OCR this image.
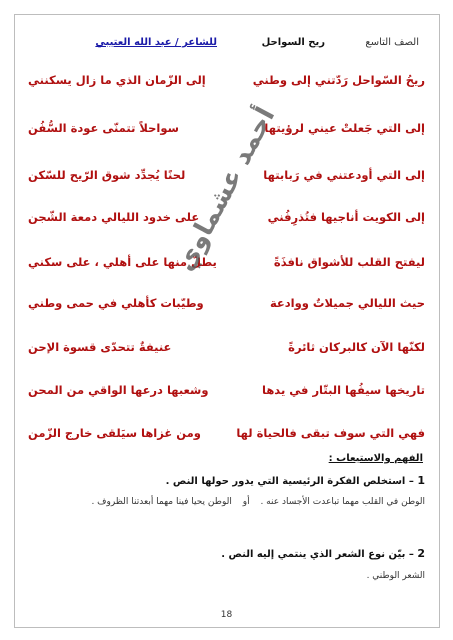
الصف التاسع
ريح السواحل
للشاعر / عبد الله العتيبي
ريحُ السّواحل رَدّتني إلى وطني
إلى الزّمان الذي ما زال يسكنني
إلى التي جَعلتْ عيني لرؤيتها
سواحلاً تتمنّى عودة السُّفُن
إلى التي أودعتني في رَبابتها
لحنًا يُجدِّد شوق الرّيح للسّكن
إلى الكويت أناجيها فتُذرِفُني
على خدود الليالي دمعة الشّجن
ليفتح القلب للأشواق نافذَةً
يطلّ منها على أهلي ، على سكني
حيث الليالي جميلاتٌ ووادعة
وطيّبات كأهلي في حمى وطني
لكنّها الآن كالبركان ثائرةً
عنيفةٌ تتحدّى قسوة الإحن
تاريخها سيفُها البتّار في يدها
وشعبها درعها الواقي من المحن
فهي التي سوف تبقى فالحياة لها
ومن غزاها سيَلقى خارج الزّمن
أحمد عشماوي
الفهم والاستيعاب :
1 – استخلص الفكرة الرئيسية التي يدور حولها النص .
الوطن في القلب مهما تباعدت الأجساد عنه . أو الوطن يحيا فينا مهما أبعدتنا الظروف .
2 – بيّن نوع الشعر الذي ينتمي إليه النص .
الشعر الوطني .
18
